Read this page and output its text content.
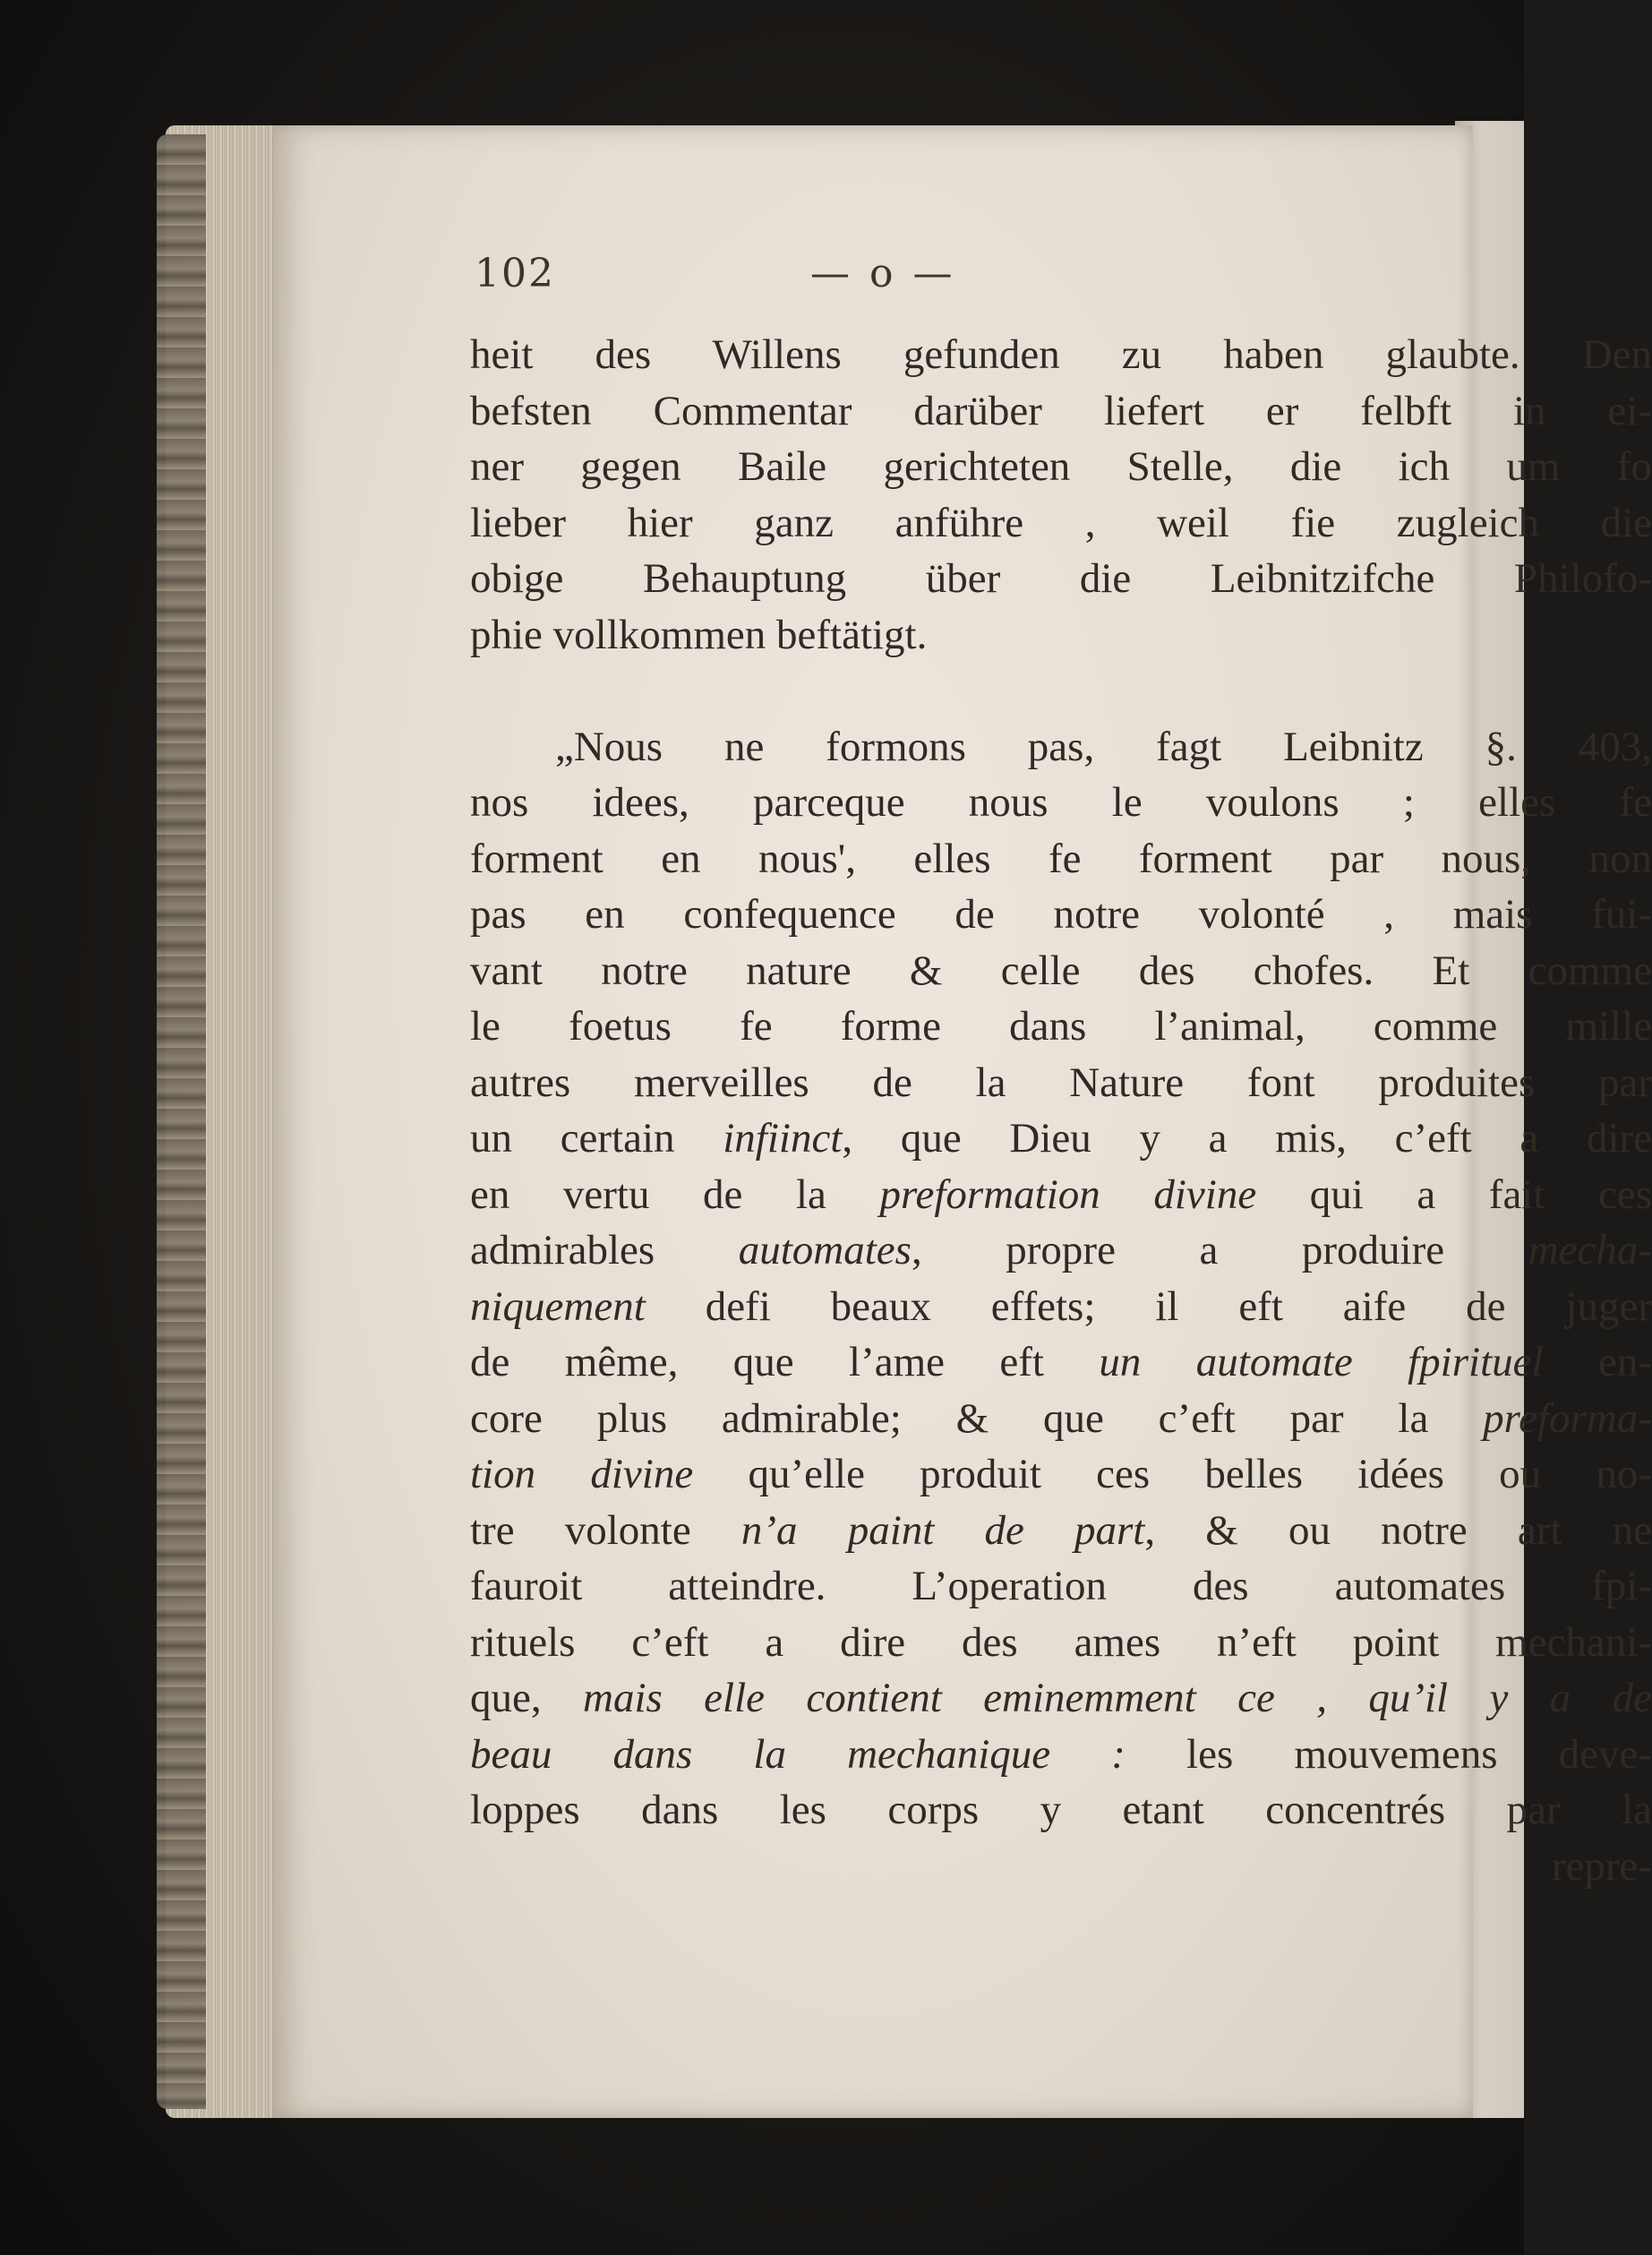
102	— o —
heit des Willens gefunden zu haben glaubte. Den
befsten Commentar darüber liefert er felbft in ei-
ner gegen Baile gerichteten Stelle, die ich um fo
lieber hier ganz anführe , weil fie zugleich die
obige Behauptung über die Leibnitzifche Philofo-
phie vollkommen beftätigt.
„Nous ne formons pas, fagt Leibnitz §. 403,
nos idees, parceque nous le voulons ; elles fe
forment en nous', elles fe forment par nous, non
pas en confequence de notre volonté , mais fui-
vant notre nature & celle des chofes. Et comme
le foetus fe forme dans l’animal, comme mille
autres merveilles de la Nature font produites par
un certain infiinct, que Dieu y a mis, c’eft a dire
en vertu de la preformation divine qui a fait ces
admirables automates, propre a produire mecha-
niquement defi beaux effets; il eft aife de juger
de même, que l’ame eft un automate fpirituel en-
core plus admirable; & que c’eft par la preforma-
tion divine qu’elle produit ces belles idées ou no-
tre volonte n’a paint de part, & ou notre art ne
fauroit atteindre. L’operation des automates fpi-
rituels c’eft a dire des ames n’eft point mechani-
que, mais elle contient eminemment ce , qu’il y a de
beau dans la mechanique : les mouvemens deve-
loppes dans les corps y etant concentrés par la
repre-
